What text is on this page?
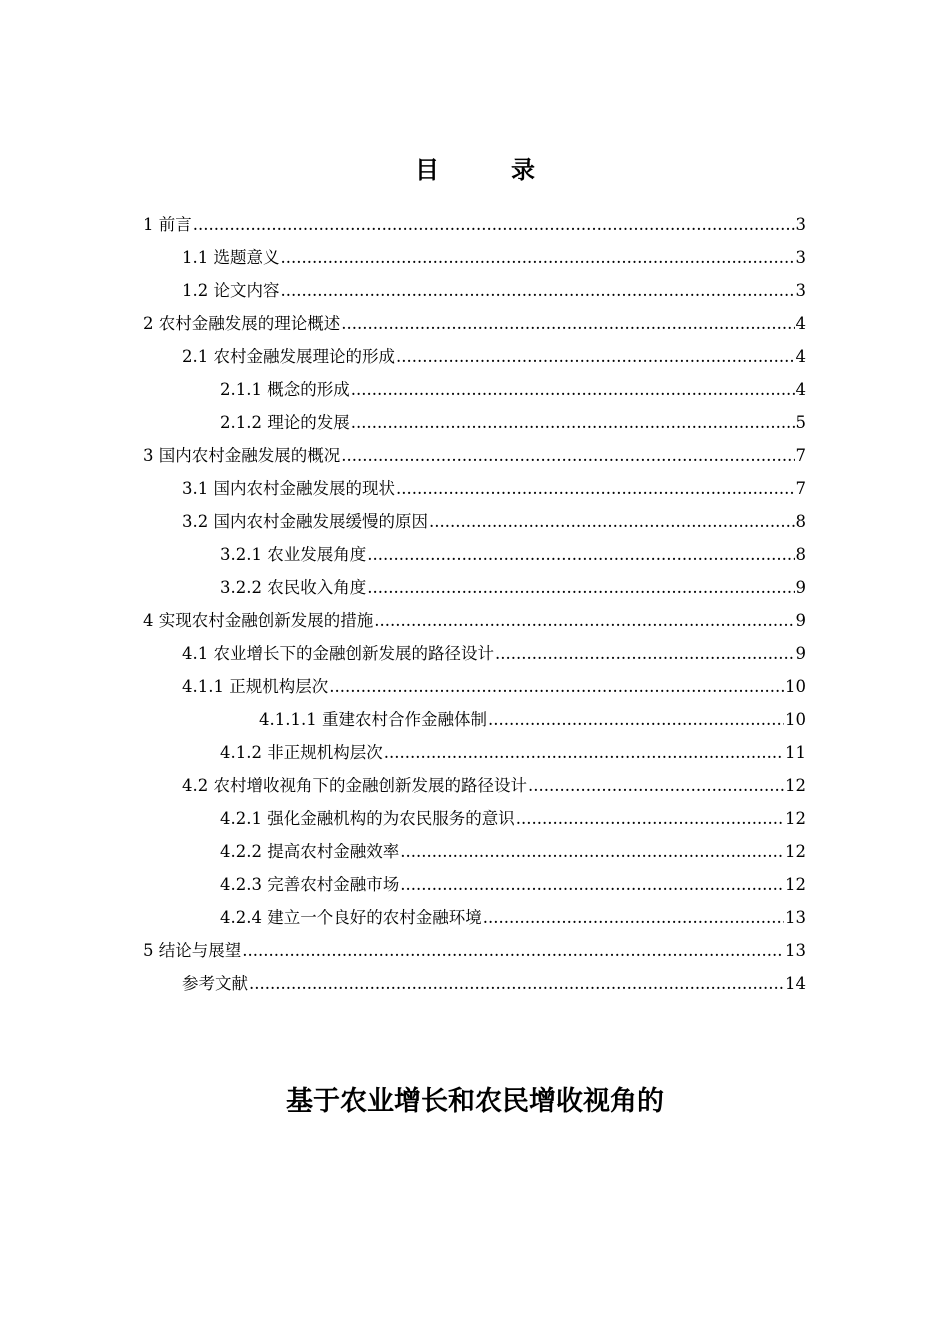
目　录
1 前言 .....	3
1.1 选题意义 .....	3
1.2 论文内容 .....	3
2 农村金融发展的理论概述 .....	4
2.1 农村金融发展理论的形成 .....	4
2.1.1 概念的形成 .....	4
2.1.2 理论的发展 .....	5
3 国内农村金融发展的概况 .....	7
3.1 国内农村金融发展的现状 .....	7
3.2 国内农村金融发展缓慢的原因 .....	8
3.2.1 农业发展角度 .....	8
3.2.2 农民收入角度 .....	9
4 实现农村金融创新发展的措施 .....	9
4.1 农业增长下的金融创新发展的路径设计 .....	9
4.1.1 正规机构层次 .....	10
4.1.1.1 重建农村合作金融体制 .....	10
4.1.2 非正规机构层次 .....	11
4.2 农村增收视角下的金融创新发展的路径设计 .....	12
4.2.1 强化金融机构的为农民服务的意识 .....	12
4.2.2 提高农村金融效率 .....	12
4.2.3 完善农村金融市场 .....	12
4.2.4 建立一个良好的农村金融环境 .....	13
5 结论与展望 .....	13
参考文献 .....	14
基于农业增长和农民增收视角的
